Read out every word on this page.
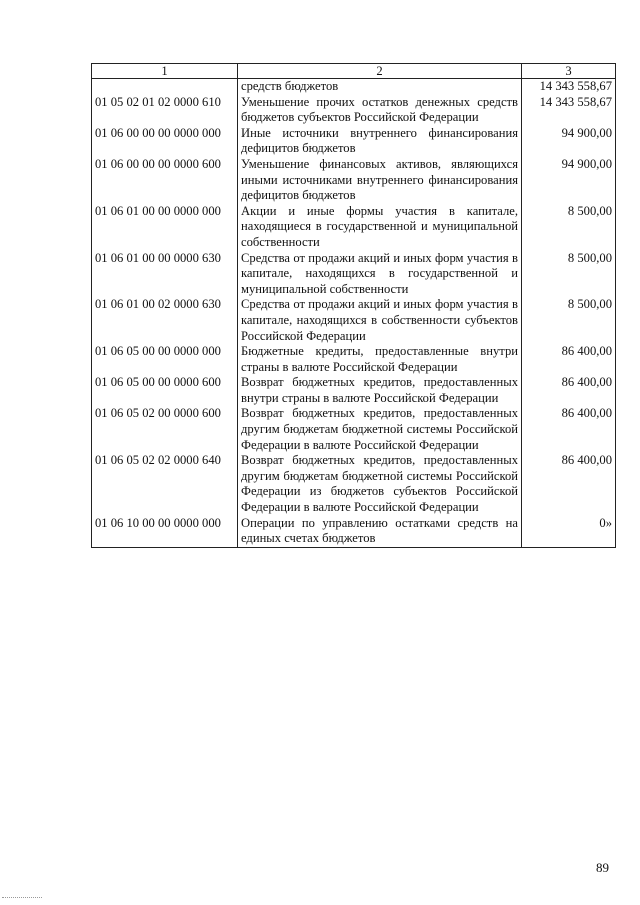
1	2	3
	средств бюджетов	14 343 558,67
01 05 02 01 02 0000 610	Уменьшение прочих остатков денежных средств бюджетов субъектов Российской Федерации	14 343 558,67
01 06 00 00 00 0000 000	Иные источники внутреннего финансирования дефицитов бюджетов	94 900,00
01 06 00 00 00 0000 600	Уменьшение финансовых активов, являющихся иными источниками внутреннего финансирования дефицитов бюджетов	94 900,00
01 06 01 00 00 0000 000	Акции и иные формы участия в капитале, находящиеся в государственной и муниципальной собственности	8 500,00
01 06 01 00 00 0000 630	Средства от продажи акций и иных форм участия в капитале, находящихся в государственной и муниципальной собственности	8 500,00
01 06 01 00 02 0000 630	Средства от продажи акций и иных форм участия в капитале, находящихся в собственности субъектов Российской Федерации	8 500,00
01 06 05 00 00 0000 000	Бюджетные кредиты, предоставленные внутри страны в валюте Российской Федерации	86 400,00
01 06 05 00 00 0000 600	Возврат бюджетных кредитов, предоставленных внутри страны в валюте Российской Федерации	86 400,00
01 06 05 02 00 0000 600	Возврат бюджетных кредитов, предоставленных другим бюджетам бюджетной системы Российской Федерации в валюте Российской Федерации	86 400,00
01 06 05 02 02 0000 640	Возврат бюджетных кредитов, предоставленных другим бюджетам бюджетной системы Российской Федерации из бюджетов субъектов Российской Федерации в валюте Российской Федерации	86 400,00
01 06 10 00 00 0000 000	Операции по управлению остатками средств на единых счетах бюджетов	0»
89
